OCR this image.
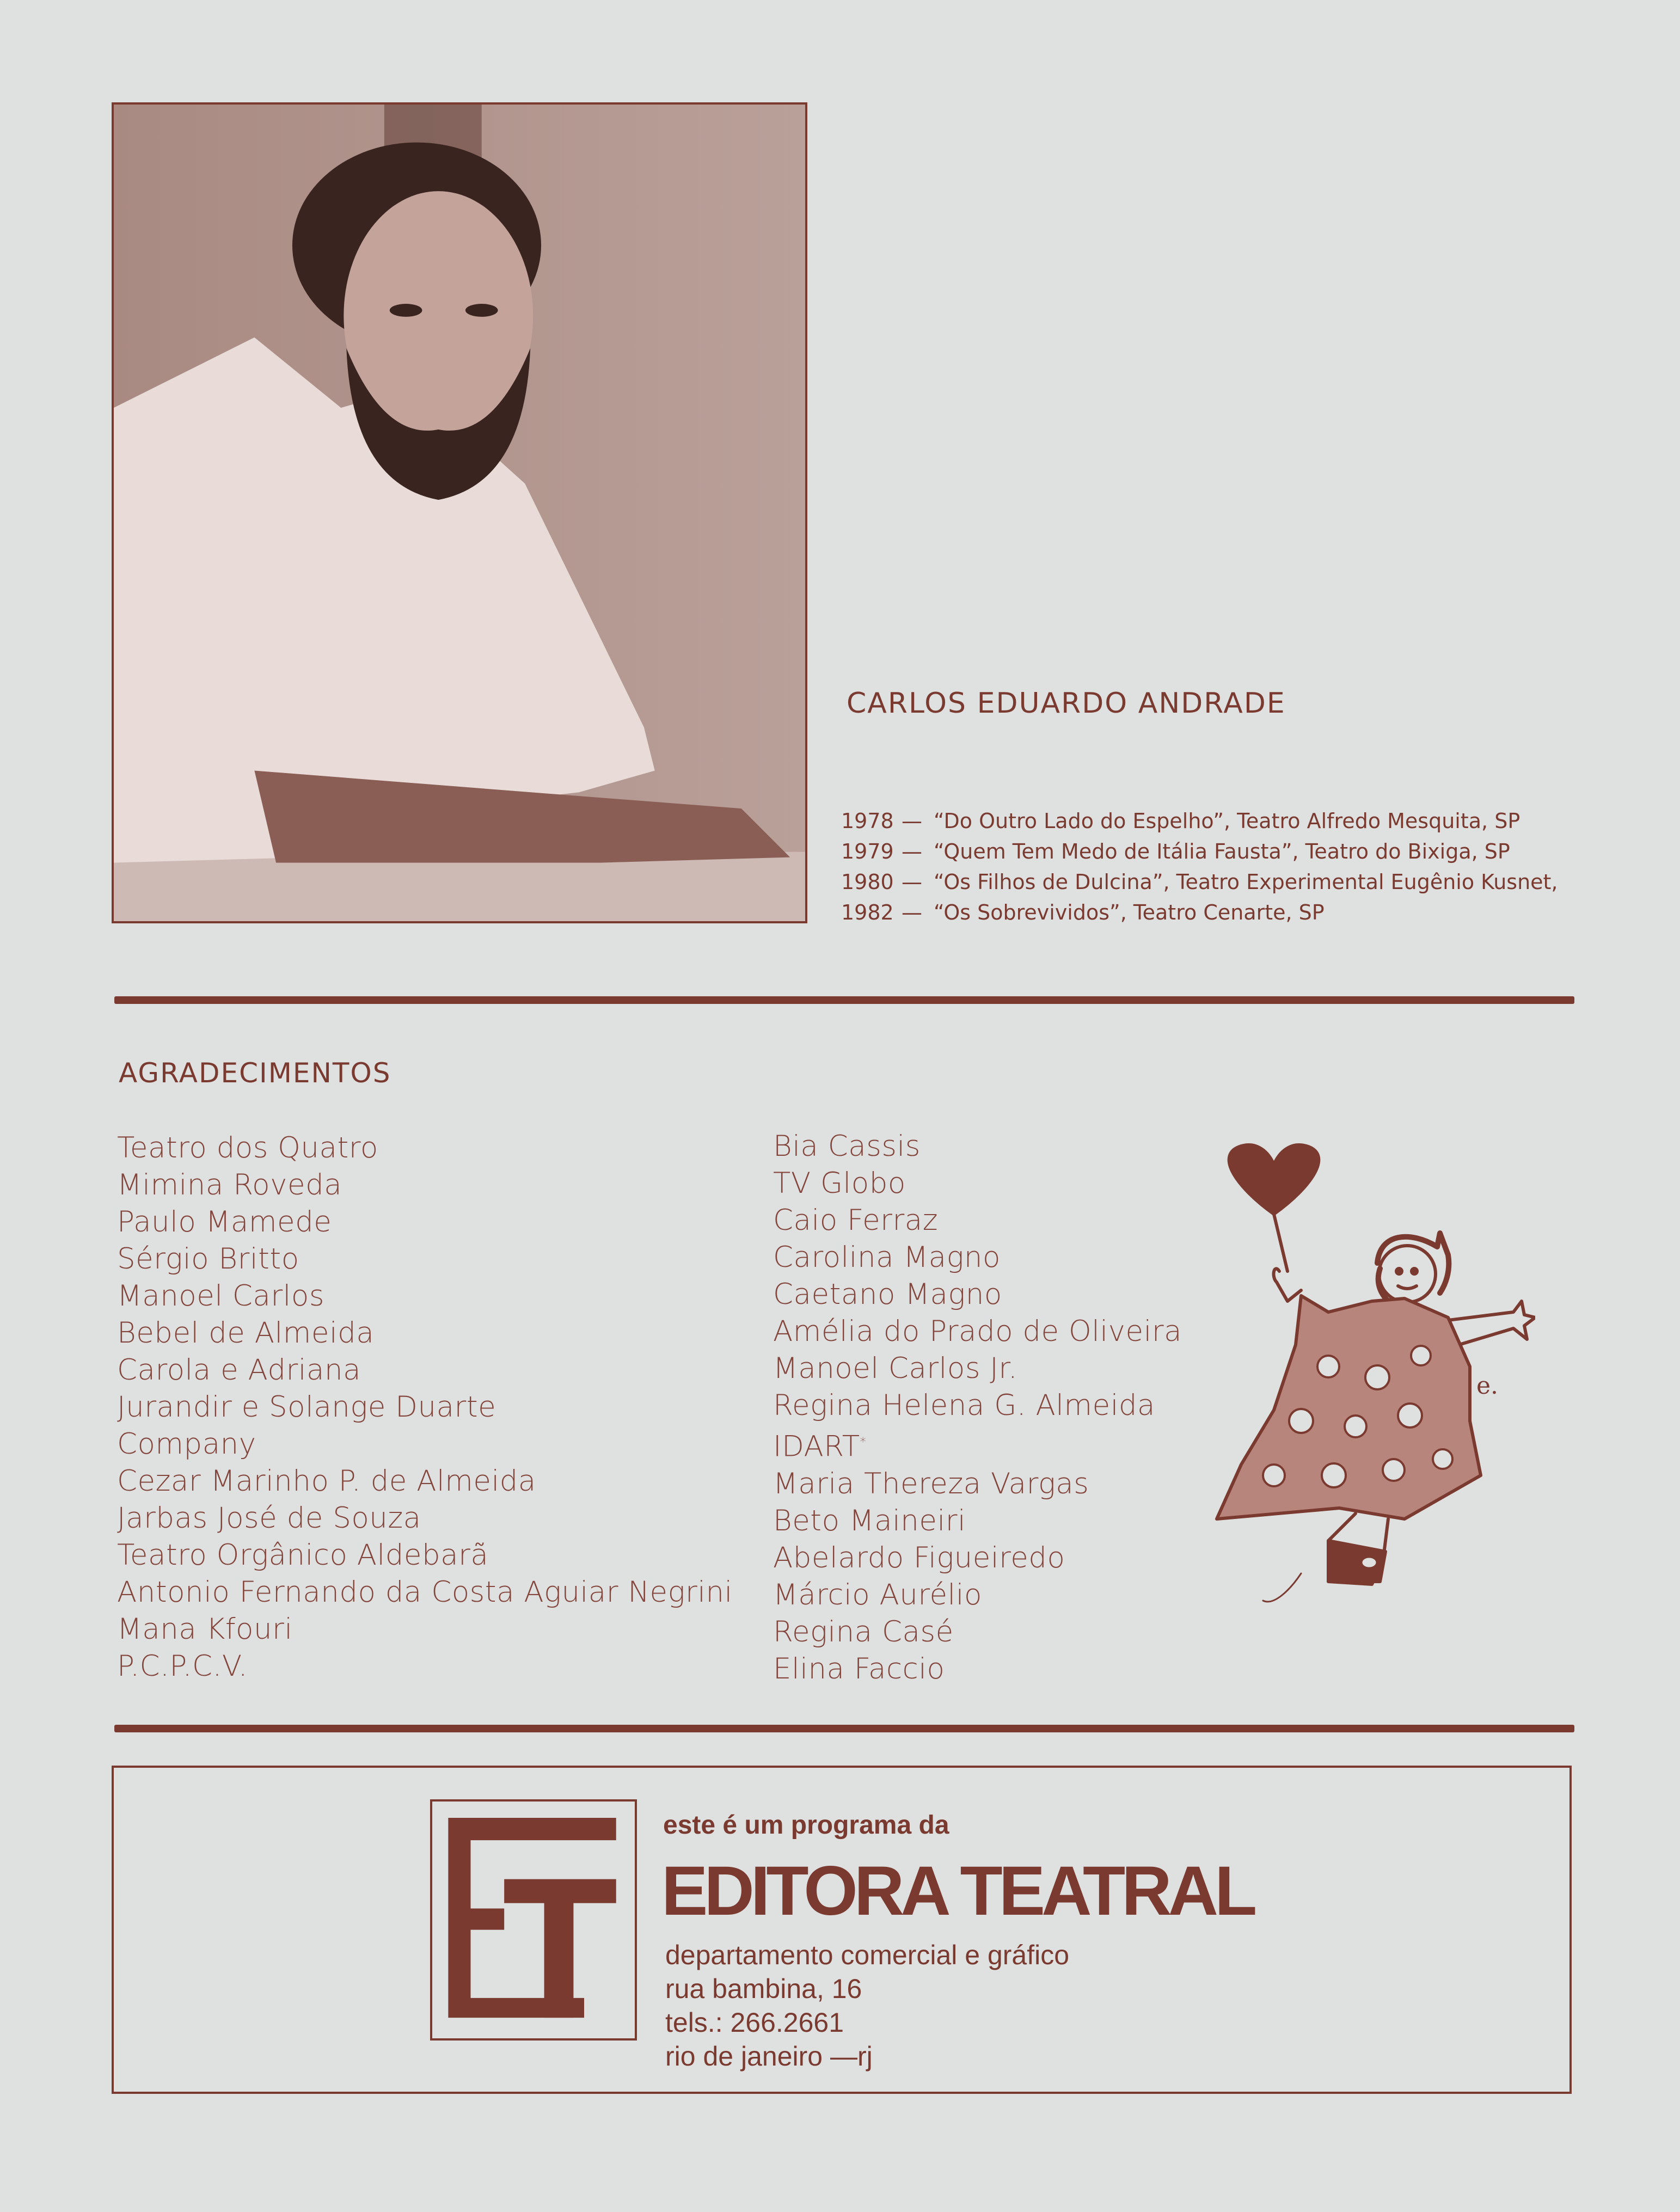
CARLOS EDUARDO ANDRADE
1978 — “Do Outro Lado do Espelho”, Teatro Alfredo Mesquita, SP
1979 — “Quem Tem Medo de Itália Fausta”, Teatro do Bixiga, SP
1980 — “Os Filhos de Dulcina”, Teatro Experimental Eugênio Kusnet,
1982 — “Os Sobrevividos”, Teatro Cenarte, SP
AGRADECIMENTOS
Teatro dos Quatro
Mimina Roveda
Paulo Mamede
Sérgio Britto
Manoel Carlos
Bebel de Almeida
Carola e Adriana
Jurandir e Solange Duarte
Company
Cezar Marinho P. de Almeida
Jarbas José de Souza
Teatro Orgânico Aldebarã
Antonio Fernando da Costa Aguiar Negrini
Mana Kfouri
P.C.P.C.V.
Bia Cassis
TV Globo
Caio Ferraz
Carolina Magno
Caetano Magno
Amélia do Prado de Oliveira
Manoel Carlos Jr.
Regina Helena G. Almeida
IDART*
Maria Thereza Vargas
Beto Maineiri
Abelardo Figueiredo
Márcio Aurélio
Regina Casé
Elina Faccio
e.
este é um programa da
EDITORA TEATRAL
departamento comercial e gráfico
rua bambina, 16
tels.: 266.2661
rio de janeiro —rj
